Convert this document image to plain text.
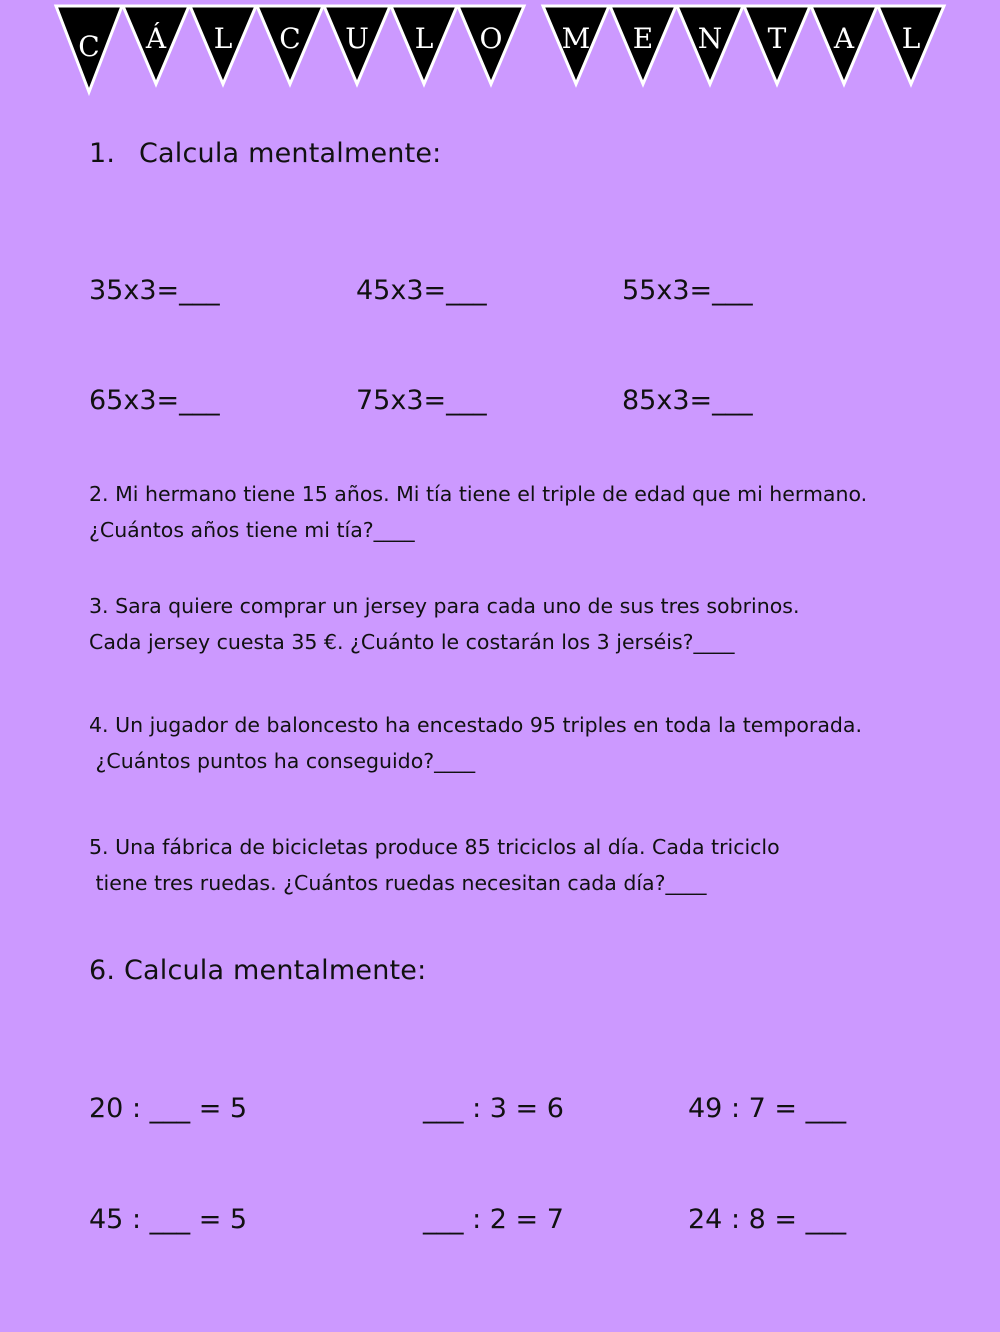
C Á L C U L O M E N T A L
1. Calcula mentalmente:
35x3=___	45x3=___	55x3=___
65x3=___	75x3=___	85x3=___
2. Mi hermano tiene 15 años. Mi tía tiene el triple de edad que mi hermano.
¿Cuántos años tiene mi tía?____
3. Sara quiere comprar un jersey para cada uno de sus tres sobrinos.
Cada jersey cuesta 35 €. ¿Cuánto le costarán los 3 jerséis?____
4. Un jugador de baloncesto ha encestado 95 triples en toda la temporada.
¿Cuántos puntos ha conseguido?____
5. Una fábrica de bicicletas produce 85 triciclos al día. Cada triciclo
tiene tres ruedas. ¿Cuántos ruedas necesitan cada día?____
6. Calcula mentalmente:
20 : ___ = 5	___ : 3 = 6	49 : 7 = ___
45 : ___ = 5	___ : 2 = 7	24 : 8 = ___
